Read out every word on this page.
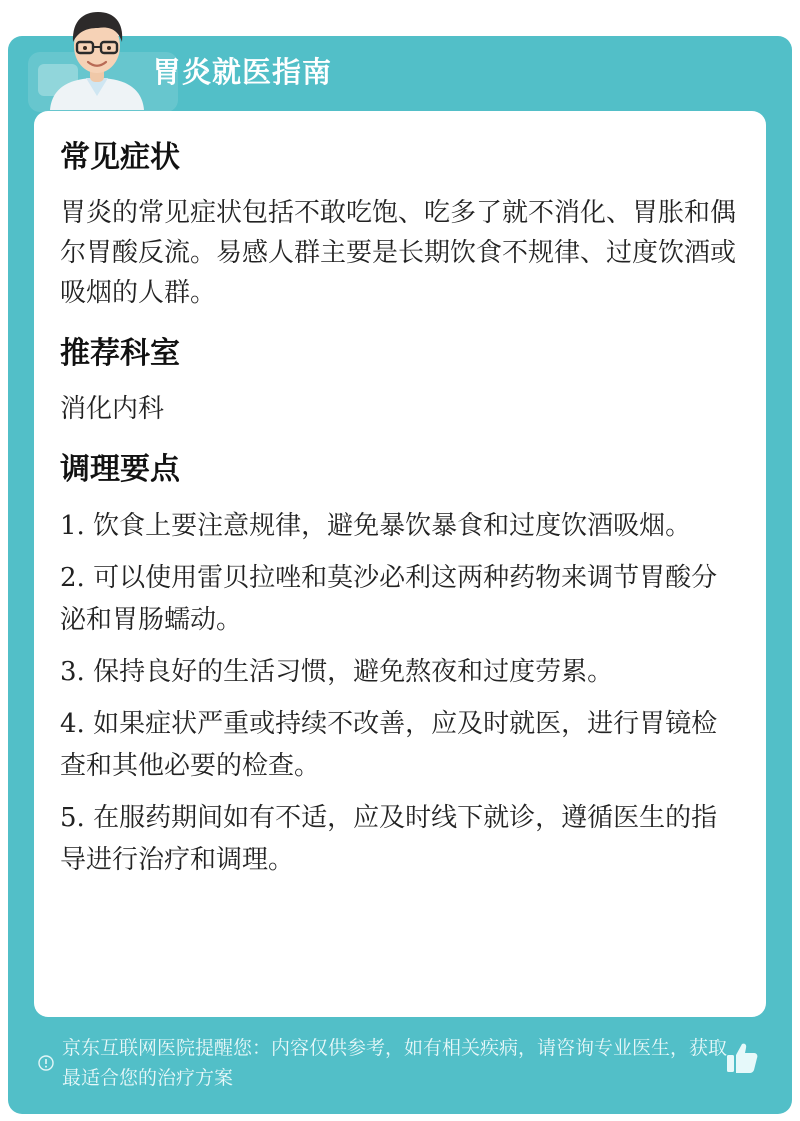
胃炎就医指南
常见症状

胃炎的常见症状包括不敢吃饱、吃多了就不消化、胃胀和偶尔胃酸反流。易感人群主要是长期饮食不规律、过度饮酒或吸烟的人群。

推荐科室

消化内科

调理要点
1. 饮食上要注意规律，避免暴饮暴食和过度饮酒吸烟。
2. 可以使用雷贝拉唑和莫沙必利这两种药物来调节胃酸分泌和胃肠蠕动。
3. 保持良好的生活习惯，避免熬夜和过度劳累。
4. 如果症状严重或持续不改善，应及时就医，进行胃镜检查和其他必要的检查。
5. 在服药期间如有不适，应及时线下就诊，遵循医生的指导进行治疗和调理。

京东互联网医院提醒您：内容仅供参考，如有相关疾病，请咨询专业医生，获取最适合您的治疗方案
